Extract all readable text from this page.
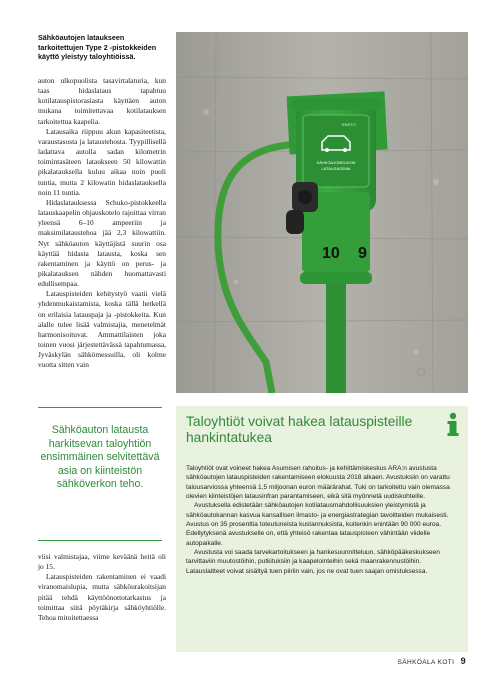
Sähköautojen lataukseen tarkoitettujen Type 2 -pistokkeiden käyttö yleistyy taloyhtiöissä.
ENSTO
SÄHKÖAJONEUVON
LATAUSASEMA
10 9

auton ulkopuolista tasavirtalaturia, kun taas hidaslataus tapahtuu kotilatauspistorasiasta käyttäen auton mukana toimitettavaa kotilatauksen tarkoitettua kaapelia.

Latausaika riippuu akun kapasiteetista, varaustasosta ja lataustehosta. Tyypillisellä ladattava autolla sadan kilometrin toimintasäteen lataukseen 50 kilowattin pikalatauksella kuluu aikaa noin puoli tuntia, mutta 2 kilowatin hidaslatauksella noin 11 tuntia.

Hidaslatauksessa Schuko-pistokkeella latauskaapelin ohjauskotelo rajoittaa virran yleensä 6–10 ampeeriin ja maksimilataustehoa jää 2,3 kilowattiin. Nyt sähköauton käyttäjistä suurin osa käyttää hidasta latausta, koska sen rakentaminen ja käyttö on perus- ja pikalatauksen nähden huomattavasti edullisempaa.

Latauspisteiden kehitystyö vaatii vielä yhdenmukaistamista, koska tällä hetkellä on erilaisia latauspaja ja -pistokkeita. Kun alalle tulee lisää valmistajia, menetelmät harmonisoituvat. Ammattilaisten joka toinen vuosi järjestettävässä tapahtumassa, Jyväskylän sähkömessuilla, oli kolme vuotta sitten vain

Sähköauton latausta harkitsevan taloyhtiön ensimmäinen selvitettävä asia on kiinteistön sähköverkon teho.

viisi valmistajaa, viime keväänä heitä oli jo 15.

Latauspisteiden rakentaminen ei vaadi viranomaislupia, mutta sähköurakoitsijan pitää tehdä käyttöönottotarkastus ja toimittaa siitä pöytäkirja sähköyhtiölle. Tehoa mitoitettaessa

Taloyhtiöt voivat hakea latauspisteille hankintatukea

Taloyhtiöt ovat voineet hakea Asumisen rahoitus- ja kehittämiskeskus ARA:n avustusta sähköautojen latauspisteiden rakentamiseen elokuusta 2018 alkaen. Avustuksiin on varattu talousarviossa yhteensä 1,5 miljoonan euron määrärahat. Tuki on tarkoitettu vain olemassa olevien kiinteistöjen latausinfran parantamiseen, eikä sitä myönnetä uudiskohteille.

Avustuksella edistetään sähköautojen kotilatausmahdollisuuksien yleistymistä ja sähköautokannan kasvua kansallisen ilmasto- ja energiastrategian tavoitteiden mukaisesti. Avustus on 35 prosenttia toteutuneista kustannuksista, kuitenkin enintään 90 000 euroa. Edellytyksenä avustukselle on, että yhteisö rakentaa latauspisteen vähintään viidelle autopaikalle.

Avustusta voi saada tarvekartoitukseen ja hankesuunnitteluun, sähköpääkeskukseen tarvittaviin muutostöihin, putkituksiin ja kaapelointeihin sekä maanrakennustöihin. Latauslaitteet voivat sisältyä tuen piiriin vain, jos ne ovat tuen saajan omistuksessa.

SÄHKÖALA KOTI 9
